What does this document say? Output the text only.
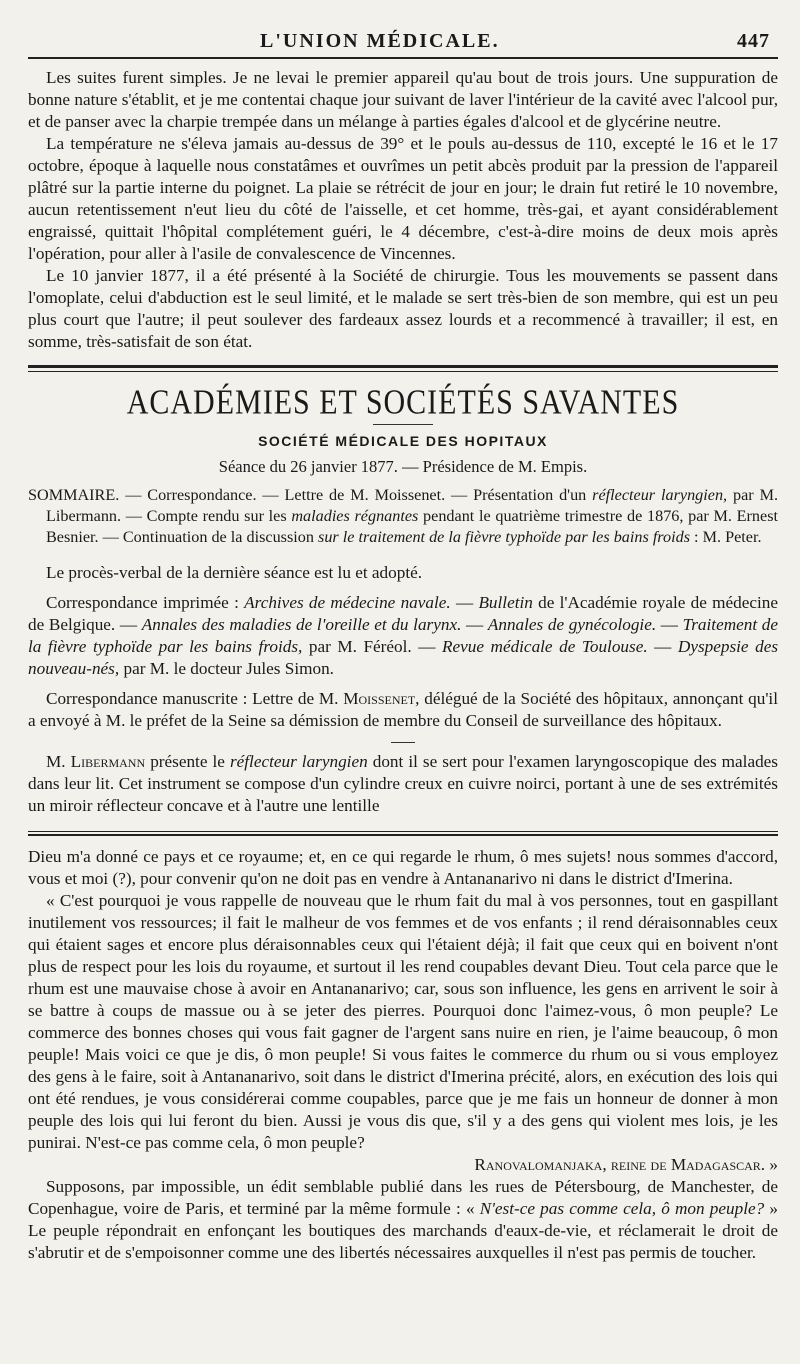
L'UNION MÉDICALE.	447

Les suites furent simples. Je ne levai le premier appareil qu'au bout de trois jours. Une suppuration de bonne nature s'établit, et je me contentai chaque jour suivant de laver l'intérieur de la cavité avec l'alcool pur, et de panser avec la charpie trempée dans un mélange à parties égales d'alcool et de glycérine neutre.

La température ne s'éleva jamais au-dessus de 39° et le pouls au-dessus de 110, excepté le 16 et le 17 octobre, époque à laquelle nous constatâmes et ouvrîmes un petit abcès produit par la pression de l'appareil plâtré sur la partie interne du poignet. La plaie se rétrécit de jour en jour; le drain fut retiré le 10 novembre, aucun retentissement n'eut lieu du côté de l'aisselle, et cet homme, très-gai, et ayant considérablement engraissé, quittait l'hôpital complétement guéri, le 4 décembre, c'est-à-dire moins de deux mois après l'opération, pour aller à l'asile de convalescence de Vincennes.

Le 10 janvier 1877, il a été présenté à la Société de chirurgie. Tous les mouvements se passent dans l'omoplate, celui d'abduction est le seul limité, et le malade se sert très-bien de son membre, qui est un peu plus court que l'autre; il peut soulever des fardeaux assez lourds et a recommencé à travailler; il est, en somme, très-satisfait de son état.

ACADÉMIES ET SOCIÉTÉS SAVANTES
SOCIÉTÉ MÉDICALE DES HOPITAUX
Séance du 26 janvier 1877. — Présidence de M. Empis.
SOMMAIRE. — Correspondance. — Lettre de M. Moissenet. — Présentation d'un réflecteur laryngien, par M. Libermann. — Compte rendu sur les maladies régnantes pendant le quatrième trimestre de 1876, par M. Ernest Besnier. — Continuation de la discussion sur le traitement de la fièvre typhoïde par les bains froids : M. Peter.

Le procès-verbal de la dernière séance est lu et adopté.

Correspondance imprimée : Archives de médecine navale. — Bulletin de l'Académie royale de médecine de Belgique. — Annales des maladies de l'oreille et du larynx. — Annales de gynécologie. — Traitement de la fièvre typhoïde par les bains froids, par M. Féréol. — Revue médicale de Toulouse. — Dyspepsie des nouveau-nés, par M. le docteur Jules Simon.

Correspondance manuscrite : Lettre de M. Moissenet, délégué de la Société des hôpitaux, annonçant qu'il a envoyé à M. le préfet de la Seine sa démission de membre du Conseil de surveillance des hôpitaux.

M. Libermann présente le réflecteur laryngien dont il se sert pour l'examen laryngoscopique des malades dans leur lit. Cet instrument se compose d'un cylindre creux en cuivre noirci, portant à une de ses extrémités un miroir réflecteur concave et à l'autre une lentille

Dieu m'a donné ce pays et ce royaume; et, en ce qui regarde le rhum, ô mes sujets! nous sommes d'accord, vous et moi (?), pour convenir qu'on ne doit pas en vendre à Antananarivo ni dans le district d'Imerina.

« C'est pourquoi je vous rappelle de nouveau que le rhum fait du mal à vos personnes, tout en gaspillant inutilement vos ressources; il fait le malheur de vos femmes et de vos enfants ; il rend déraisonnables ceux qui étaient sages et encore plus déraisonnables ceux qui l'étaient déjà; il fait que ceux qui en boivent n'ont plus de respect pour les lois du royaume, et surtout il les rend coupables devant Dieu. Tout cela parce que le rhum est une mauvaise chose à avoir en Antananarivo; car, sous son influence, les gens en arrivent le soir à se battre à coups de massue ou à se jeter des pierres. Pourquoi donc l'aimez-vous, ô mon peuple? Le commerce des bonnes choses qui vous fait gagner de l'argent sans nuire en rien, je l'aime beaucoup, ô mon peuple! Mais voici ce que je dis, ô mon peuple! Si vous faites le commerce du rhum ou si vous employez des gens à le faire, soit à Antananarivo, soit dans le district d'Imerina précité, alors, en exécution des lois qui ont été rendues, je vous considérerai comme coupables, parce que je me fais un honneur de donner à mon peuple des lois qui lui feront du bien. Aussi je vous dis que, s'il y a des gens qui violent mes lois, je les punirai. N'est-ce pas comme cela, ô mon peuple?

Ranovalomanjaka, reine de Madagascar. »

Supposons, par impossible, un édit semblable publié dans les rues de Pétersbourg, de Manchester, de Copenhague, voire de Paris, et terminé par la même formule : « N'est-ce pas comme cela, ô mon peuple? » Le peuple répondrait en enfonçant les boutiques des marchands d'eaux-de-vie, et réclamerait le droit de s'abrutir et de s'empoisonner comme une des libertés nécessaires auxquelles il n'est pas permis de toucher.
